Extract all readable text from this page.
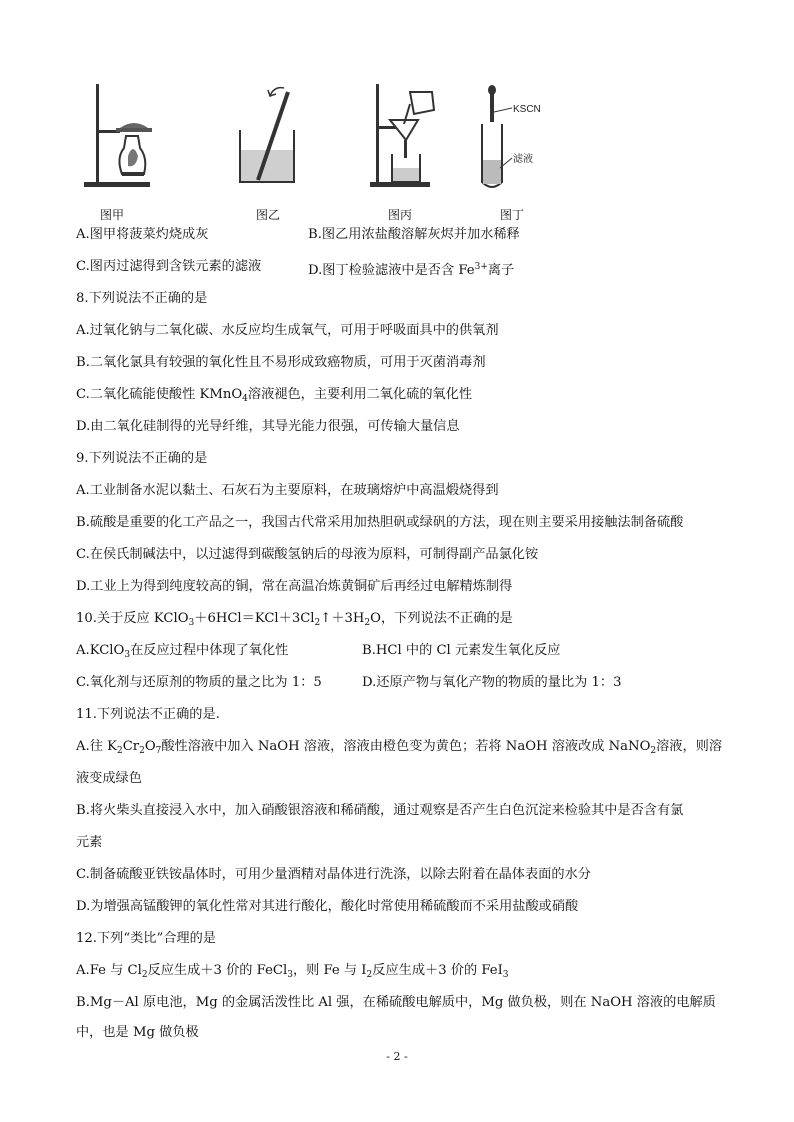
KSCN
滤液
图甲	图乙	图丙	图丁
A.图甲将菠菜灼烧成灰	B.图乙用浓盐酸溶解灰烬并加水稀释
C.图丙过滤得到含铁元素的滤液	D.图丁检验滤液中是否含 $Fe^{3+}$离子
8.下列说法不正确的是
A.过氧化钠与二氧化碳、水反应均生成氧气，可用于呼吸面具中的供氧剂
B.二氧化氯具有较强的氧化性且不易形成致癌物质，可用于灭菌消毒剂
C.二氧化硫能使酸性 KMnO$_4$溶液褪色，主要利用二氧化硫的氧化性
D.由二氧化硅制得的光导纤维，其导光能力很强，可传输大量信息
9.下列说法不正确的是
A.工业制备水泥以黏土、石灰石为主要原料，在玻璃熔炉中高温煅烧得到
B.硫酸是重要的化工产品之一，我国古代常采用加热胆矾或绿矾的方法，现在则主要采用接触法制备硫酸
C.在侯氏制碱法中，以过滤得到碳酸氢钠后的母液为原料，可制得副产品氯化铵
D.工业上为得到纯度较高的铜，常在高温冶炼黄铜矿后再经过电解精炼制得
10.关于反应 $KClO_3+6HCl=KCl+3Cl_2↑+3H_2O$，下列说法不正确的是
A.KClO$_3$在反应过程中体现了氧化性	B.HCl 中的 Cl 元素发生氧化反应
C.氧化剂与还原剂的物质的量之比为 1：5	D.还原产物与氧化产物的物质的量比为 1：3
11.下列说法不正确的是.
A.往 $K_2Cr_2O_7$酸性溶液中加入 NaOH 溶液，溶液由橙色变为黄色；若将 NaOH 溶液改成 NaNO$_2$溶液，则溶
液变成绿色
B.将火柴头直接浸入水中，加入硝酸银溶液和稀硝酸，通过观察是否产生白色沉淀来检验其中是否含有氯
元素
C.制备硫酸亚铁铵晶体时，可用少量酒精对晶体进行洗涤，以除去附着在晶体表面的水分
D.为增强高锰酸钾的氧化性常对其进行酸化，酸化时常使用稀硫酸而不采用盐酸或硝酸
12.下列“类比”合理的是
A.Fe 与 $Cl_2$反应生成＋3 价的 FeCl$_3$，则 Fe 与 $I_2$反应生成＋3 价的 FeI$_3$
B.Mg－Al 原电池，Mg 的金属活泼性比 Al 强，在稀硫酸电解质中，Mg 做负极，则在 NaOH 溶液的电解质
中，也是 Mg 做负极
- 2 -
